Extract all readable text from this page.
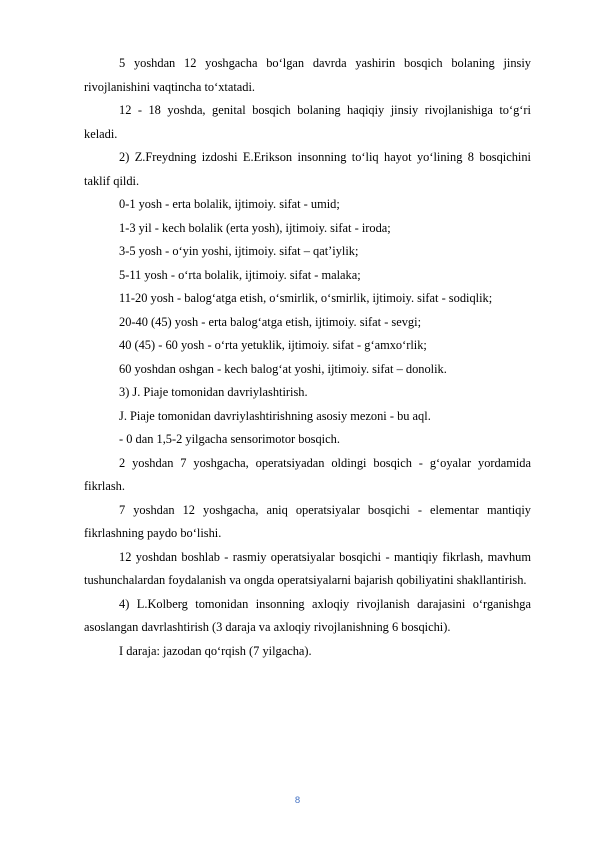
5 yoshdan 12 yoshgacha bo‘lgan davrda yashirin bosqich bolaning jinsiy rivojlanishini vaqtincha to‘xtatadi.

12 - 18 yoshda, genital bosqich bolaning haqiqiy jinsiy rivojlanishiga to‘g‘ri keladi.

2) Z.Freydning izdoshi E.Erikson insonning to‘liq hayot yo‘lining 8 bosqichini taklif qildi.

0-1 yosh - erta bolalik, ijtimoiy. sifat - umid;

1-3 yil - kech bolalik (erta yosh), ijtimoiy. sifat - iroda;

3-5 yosh - o‘yin yoshi, ijtimoiy. sifat – qat’iylik;

5-11 yosh - o‘rta bolalik, ijtimoiy. sifat - malaka;

11-20 yosh - balog‘atga etish, o‘smirlik, o‘smirlik, ijtimoiy. sifat - sodiqlik;

20-40 (45) yosh - erta balog‘atga etish, ijtimoiy. sifat - sevgi;

40 (45) - 60 yosh - o‘rta yetuklik, ijtimoiy. sifat - g‘amxo‘rlik;

60 yoshdan oshgan - kech balog‘at yoshi, ijtimoiy. sifat – donolik.

3) J. Piaje tomonidan davriylashtirish.

J. Piaje tomonidan davriylashtirishning asosiy mezoni - bu aql.

- 0 dan 1,5-2 yilgacha sensorimotor bosqich.

2 yoshdan 7 yoshgacha, operatsiyadan oldingi bosqich - g‘oyalar yordamida fikrlash.

7 yoshdan 12 yoshgacha, aniq operatsiyalar bosqichi - elementar mantiqiy fikrlashning paydo bo‘lishi.

12 yoshdan boshlab - rasmiy operatsiyalar bosqichi - mantiqiy fikrlash, mavhum tushunchalardan foydalanish va ongda operatsiyalarni bajarish qobiliyatini shakllantirish.

4) L.Kolberg tomonidan insonning axloqiy rivojlanish darajasini o‘rganishga asoslangan davrlashtirish (3 daraja va axloqiy rivojlanishning 6 bosqichi).

I daraja: jazodan qo‘rqish (7 yilgacha).

8
